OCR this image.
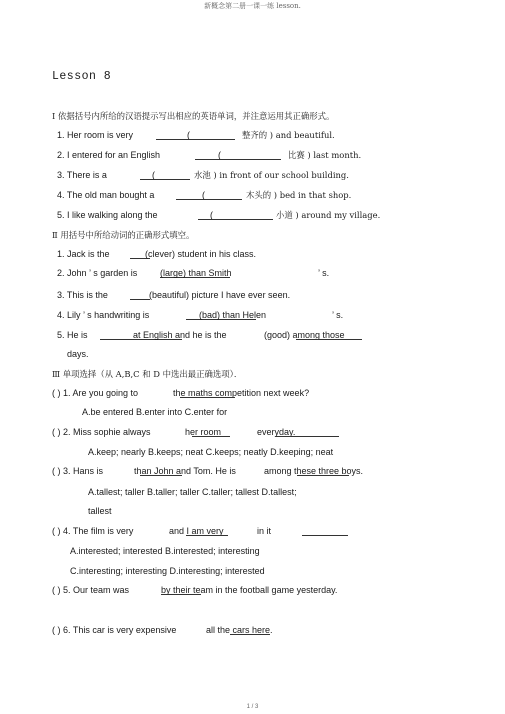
新概念第二册一课一练 lesson.
Lesson 8
Ⅰ 依据括号内所给的汉语提示写出相应的英语单词，并注意运用其正确形式。
1. Her room is very	(	整齐的 ) and beautiful.
2. I entered for an English	(	比赛 ) last month.
3. There is a	(	水池 ) in front of our school building.
4. The old man bought a	(	木头的 ) bed in that shop.
5. I like walking along the	(	小道 ) around my village.
Ⅱ 用括号中所给动词的正确形式填空。
1. Jack is the	(clever) student in his class.
2. John ’ s garden is	(large) than Smith	’ s.
3. This is the	(beautiful) picture I have ever seen.
4. Lily ’ s handwriting is	(bad) than Helen	’ s.
5. He is	at English and he is the	(good) among those
days.
Ⅲ 单项选择（从 A,B,C 和 D 中选出最正确选项）．
( ) 1. Are you going to	the maths competition next week?
A.be entered B.enter into C.enter for
( ) 2. Miss sophie always	her room	everyday.
A.keep; nearly B.keeps; neat C.keeps; neatly D.keeping; neat
( ) 3. Hans is	than John and Tom. He is	among these three boys.
A.tallest; taller B.taller; taller C.taller; tallest D.tallest;
tallest
( ) 4. The film is very	and I am very	in it
A.interested; interested B.interested; interesting
C.interesting; interesting D.interesting; interested
( ) 5. Our team was	by their team in the football game yesterday.
( ) 6. This car is very expensive	all the cars here.
1 / 3
